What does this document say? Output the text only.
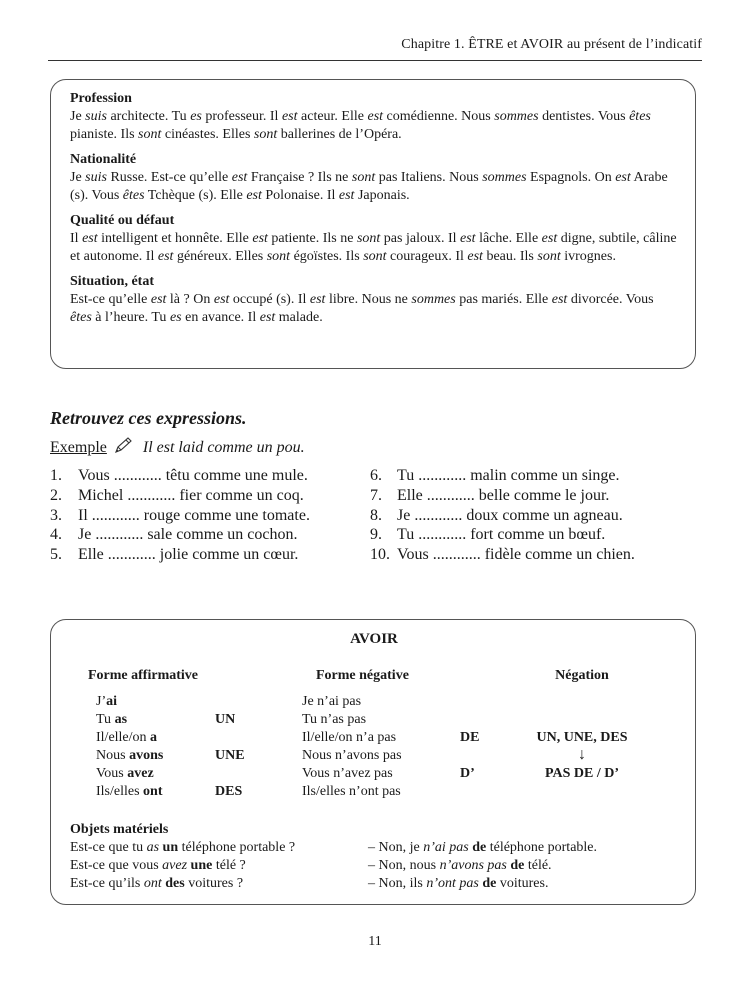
Chapitre 1. ÊTRE et AVOIR au présent de l’indicatif
Profession

Je suis architecte. Tu es professeur. Il est acteur. Elle est comédienne. Nous sommes dentistes. Vous êtes pianiste. Ils sont cinéastes. Elles sont ballerines de l’Opéra.

Nationalité

Je suis Russe. Est-ce qu’elle est Française ? Ils ne sont pas Italiens. Nous sommes Espagnols. On est Arabe (s). Vous êtes Tchèque (s). Elle est Polonaise. Il est Japonais.

Qualité ou défaut

Il est intelligent et honnête. Elle est patiente. Ils ne sont pas jaloux. Il est lâche. Elle est digne, subtile, câline et autonome. Il est généreux. Elles sont égoïstes. Ils sont courageux. Il est beau. Ils sont ivrognes.

Situation, état

Est-ce qu’elle est là ? On est occupé (s). Il est libre. Nous ne sommes pas mariés. Elle est divorcée. Vous êtes à l’heure. Tu es en avance. Il est malade.

Retrouvez ces expressions.
Exemple Il est laid comme un pou.
1. Vous ............ têtu comme une mule.
2. Michel ............ fier comme un coq.
3. Il ............ rouge comme une tomate.
4. Je ............ sale comme un cochon.
5. Elle ............ jolie comme un cœur.
6. Tu ............ malin comme un singe.
7. Elle ............ belle comme le jour.
8. Je ............ doux comme un agneau.
9. Tu ............ fort comme un bœuf.
10. Vous ............ fidèle comme un chien.
AVOIR
Forme affirmative	Forme négative	Négation
J’ai
Tu as
Il/elle/on a
Nous avons
Vous avez
Ils/elles ont
UN
UNE
DES
Je n’ai pas
Tu n’as pas
Il/elle/on n’a pas
Nous n’avons pas
Vous n’avez pas
Ils/elles n’ont pas
DE
D’
UN, UNE, DES
↓
PAS DE / D’
Objets matériels
Est-ce que tu as un téléphone portable ?
Est-ce que vous avez une télé ?
Est-ce qu’ils ont des voitures ?
– Non, je n’ai pas de téléphone portable.
– Non, nous n’avons pas de télé.
– Non, ils n’ont pas de voitures.
11
